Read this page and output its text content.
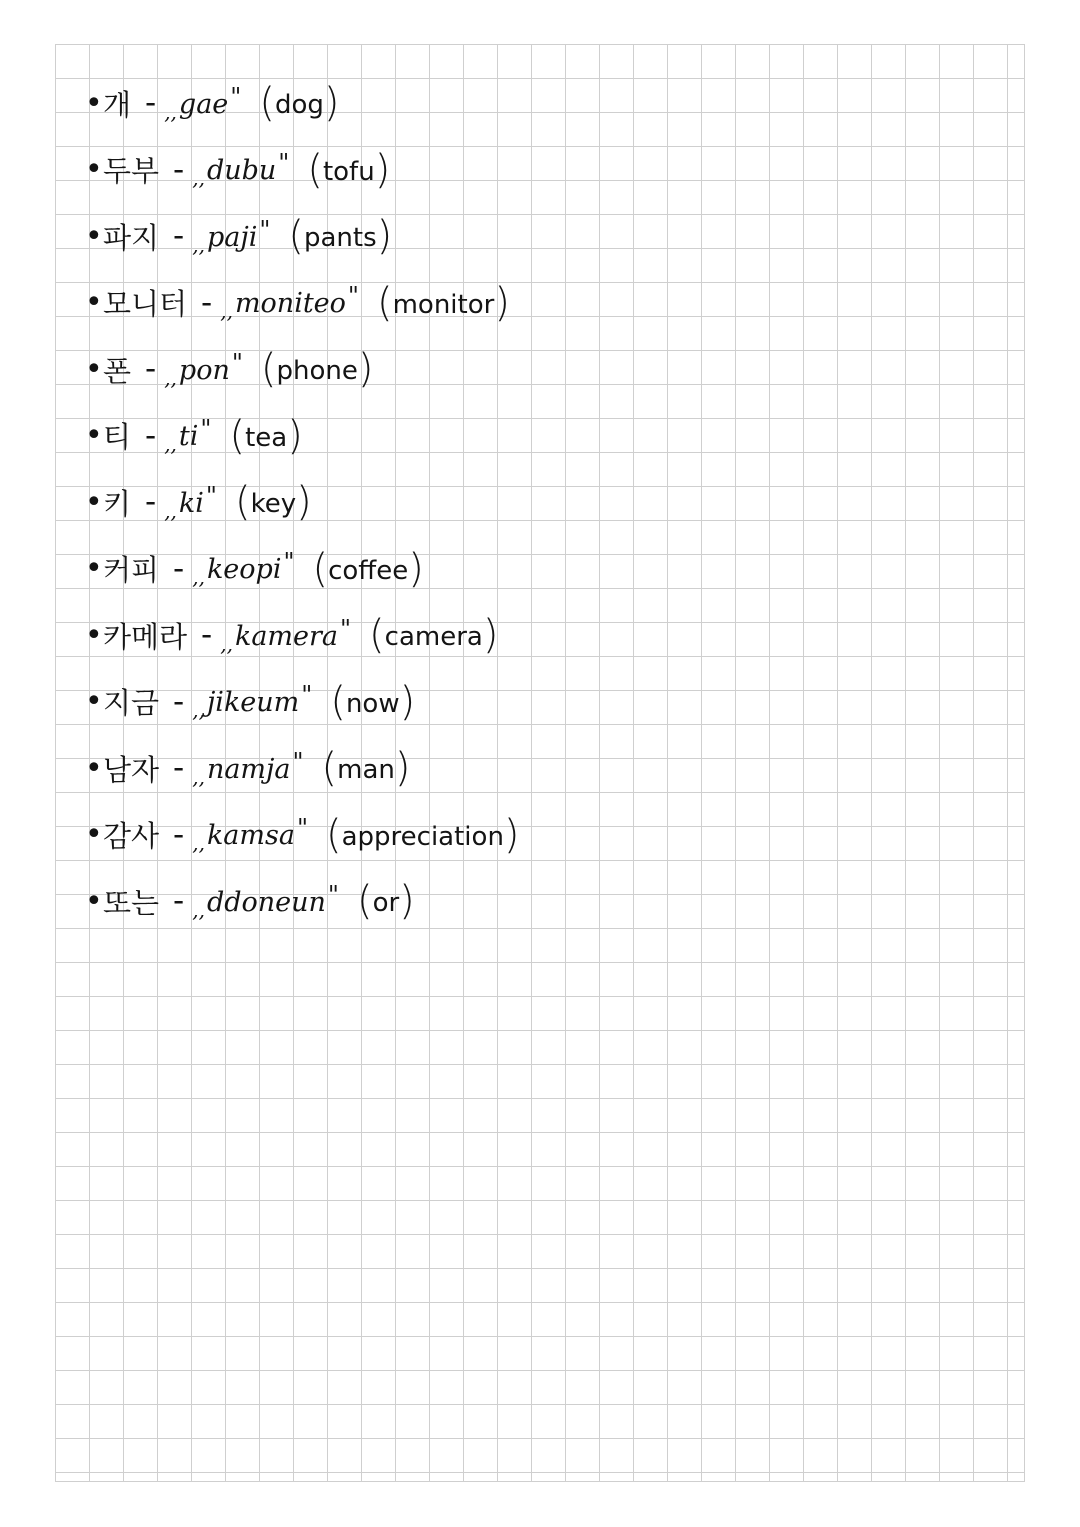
• 개 - $_{,,}$gae" (dog)
• 두부 - $_{,,}$dubu" (tofu)
• 파지 - $_{,,}$paji" (pants)
• 모니터 - $_{,,}$moniteo" (monitor)
• 폰 - $_{,,}$pon" (phone)
• 티 - $_{,,}$ti" (tea)
• 키 - $_{,,}$ki" (key)
• 커피 - $_{,,}$keopi" (coffee)
• 카메라 - $_{,,}$kamera" (camera)
• 지금 - $_{,,}$jikeum" (now)
• 남자 - $_{,,}$namja" (man)
• 감사 - $_{,,}$kamsa" (appreciation)
• 또는 - $_{,,}$ddoneun" (or)
